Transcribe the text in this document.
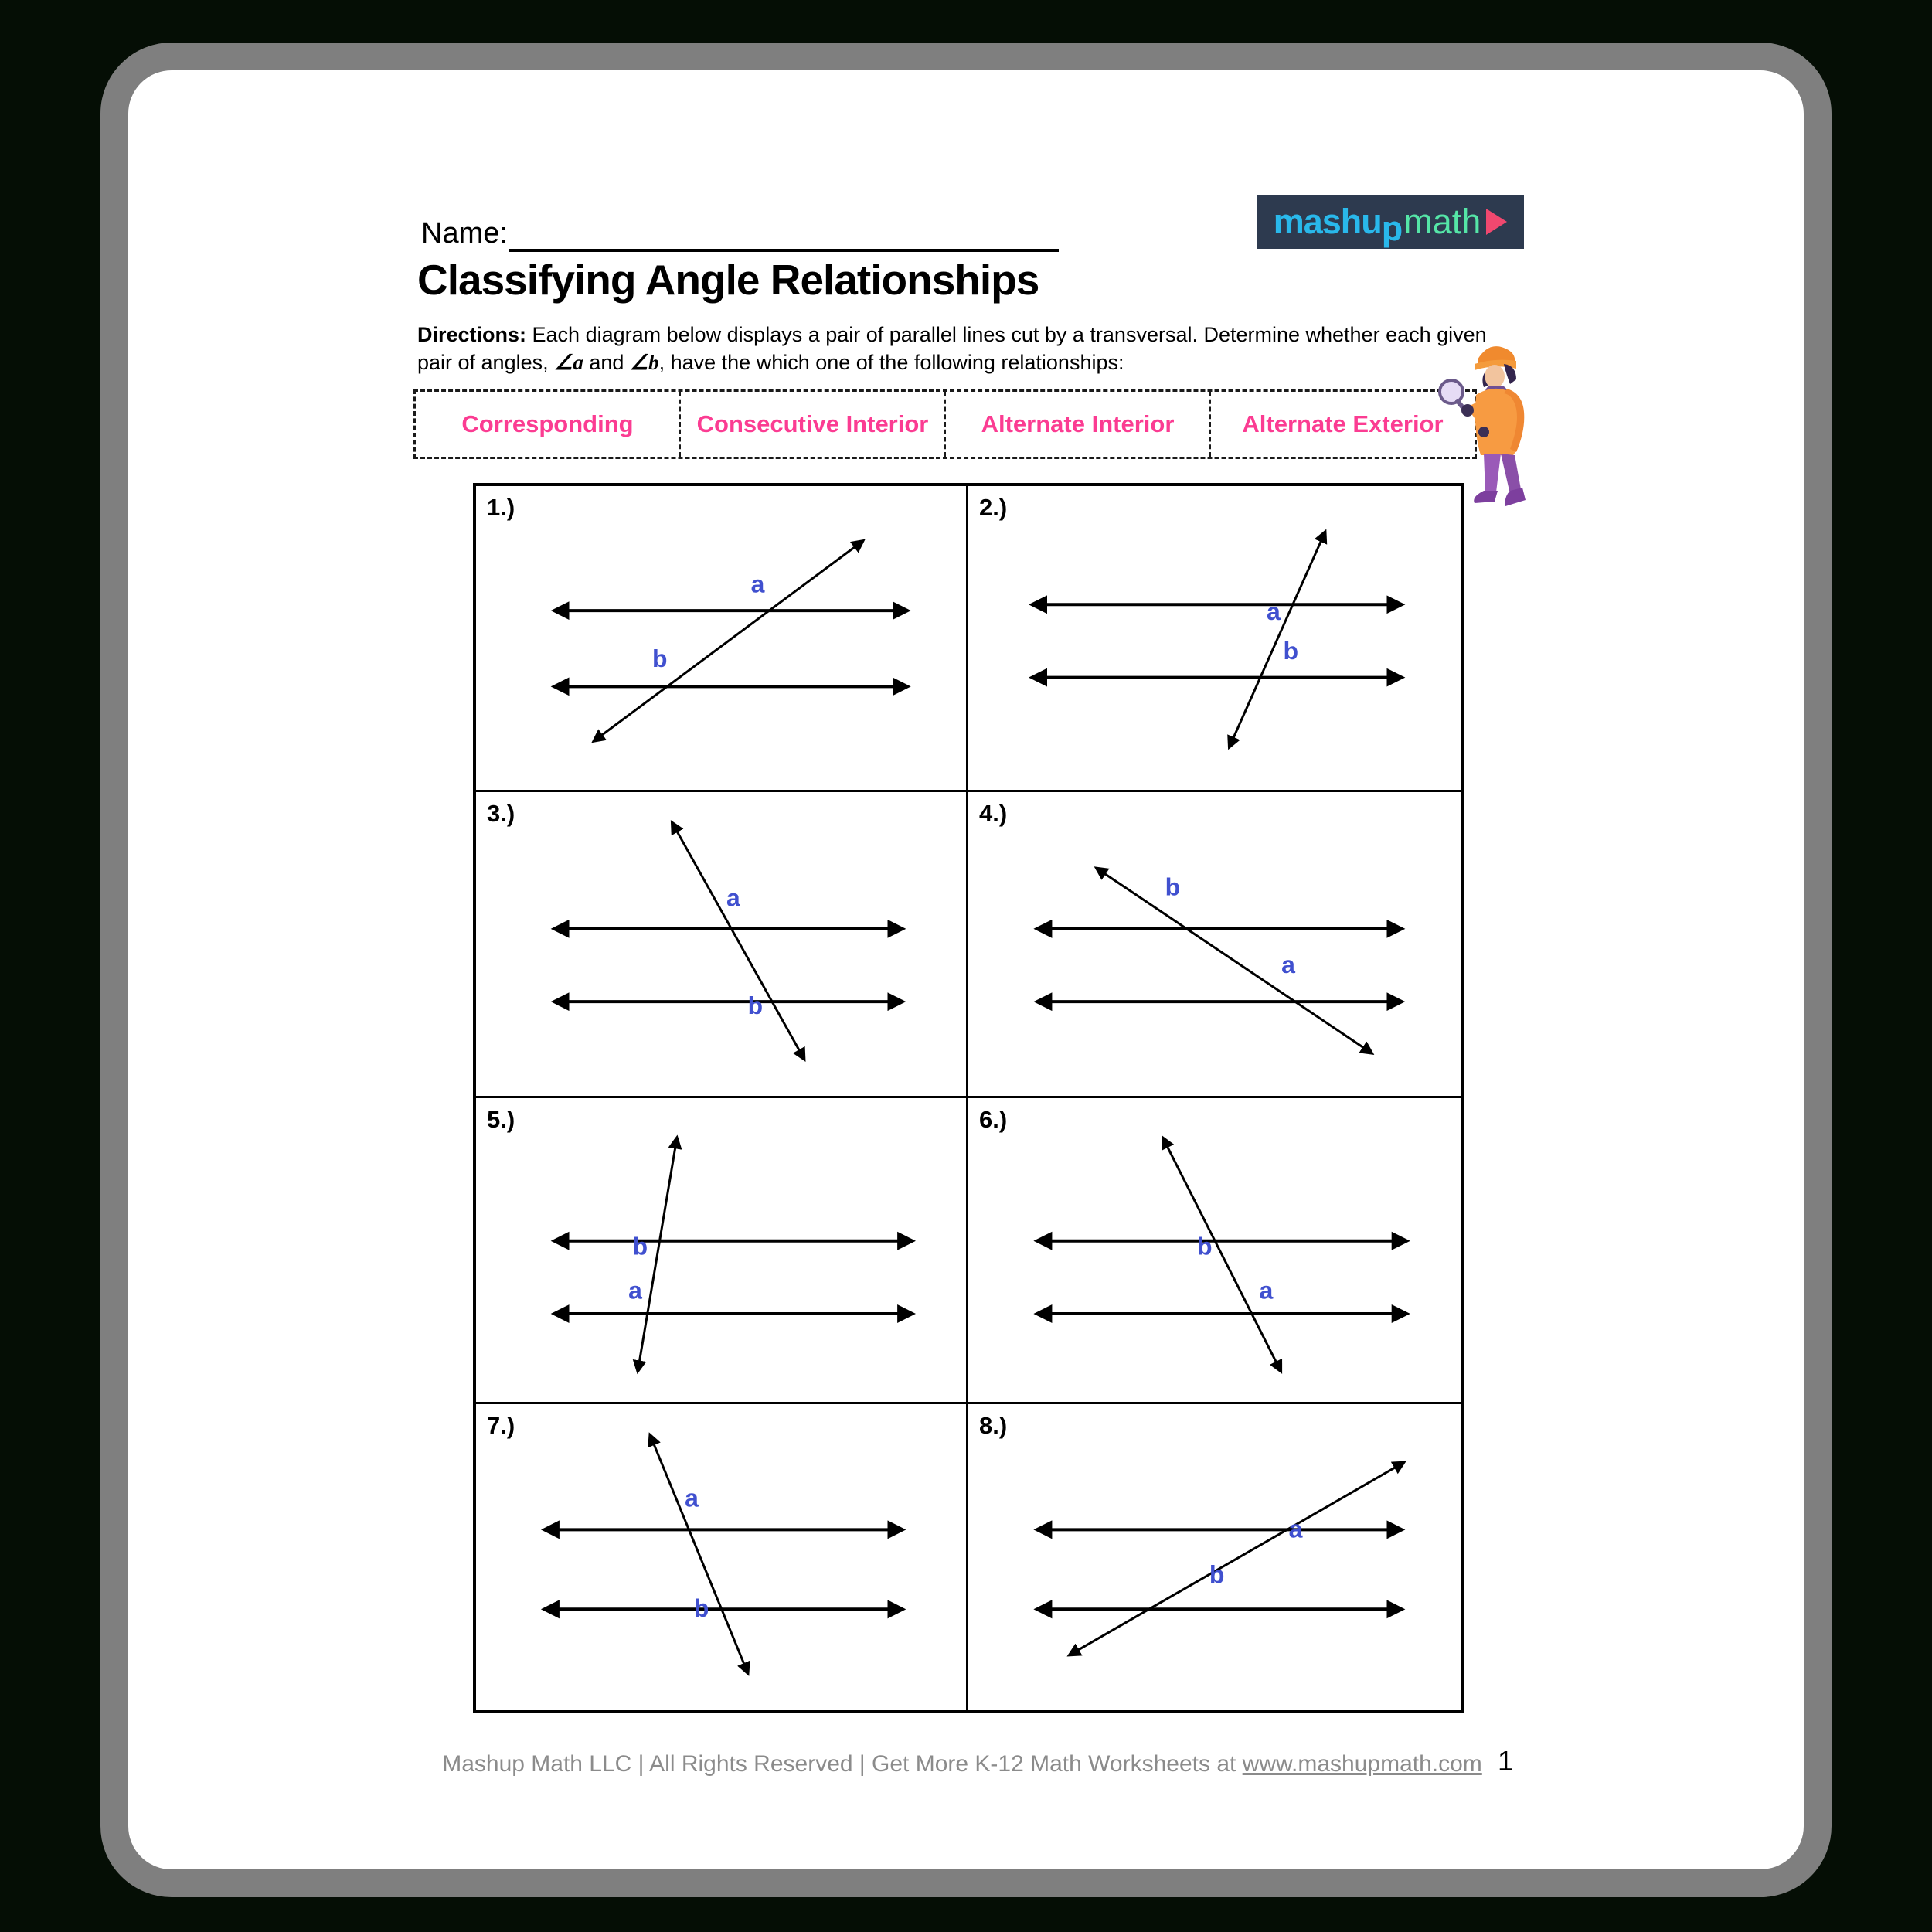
Name:	mashup math
Classifying Angle Relationships
Directions: Each diagram below displays a pair of parallel lines cut by a transversal. Determine whether each given pair of angles, ∠a and ∠b, have the which one of the following relationships:
Corresponding	Consecutive Interior	Alternate Interior	Alternate Exterior
1.)
a
b
2.)
a
b
3.)
a
b
4.)
b
a
5.)
b
a
6.)
b
a
7.)
a
b
8.)
a
b
Mashup Math LLC | All Rights Reserved | Get More K-12 Math Worksheets at www.mashupmath.com 1
